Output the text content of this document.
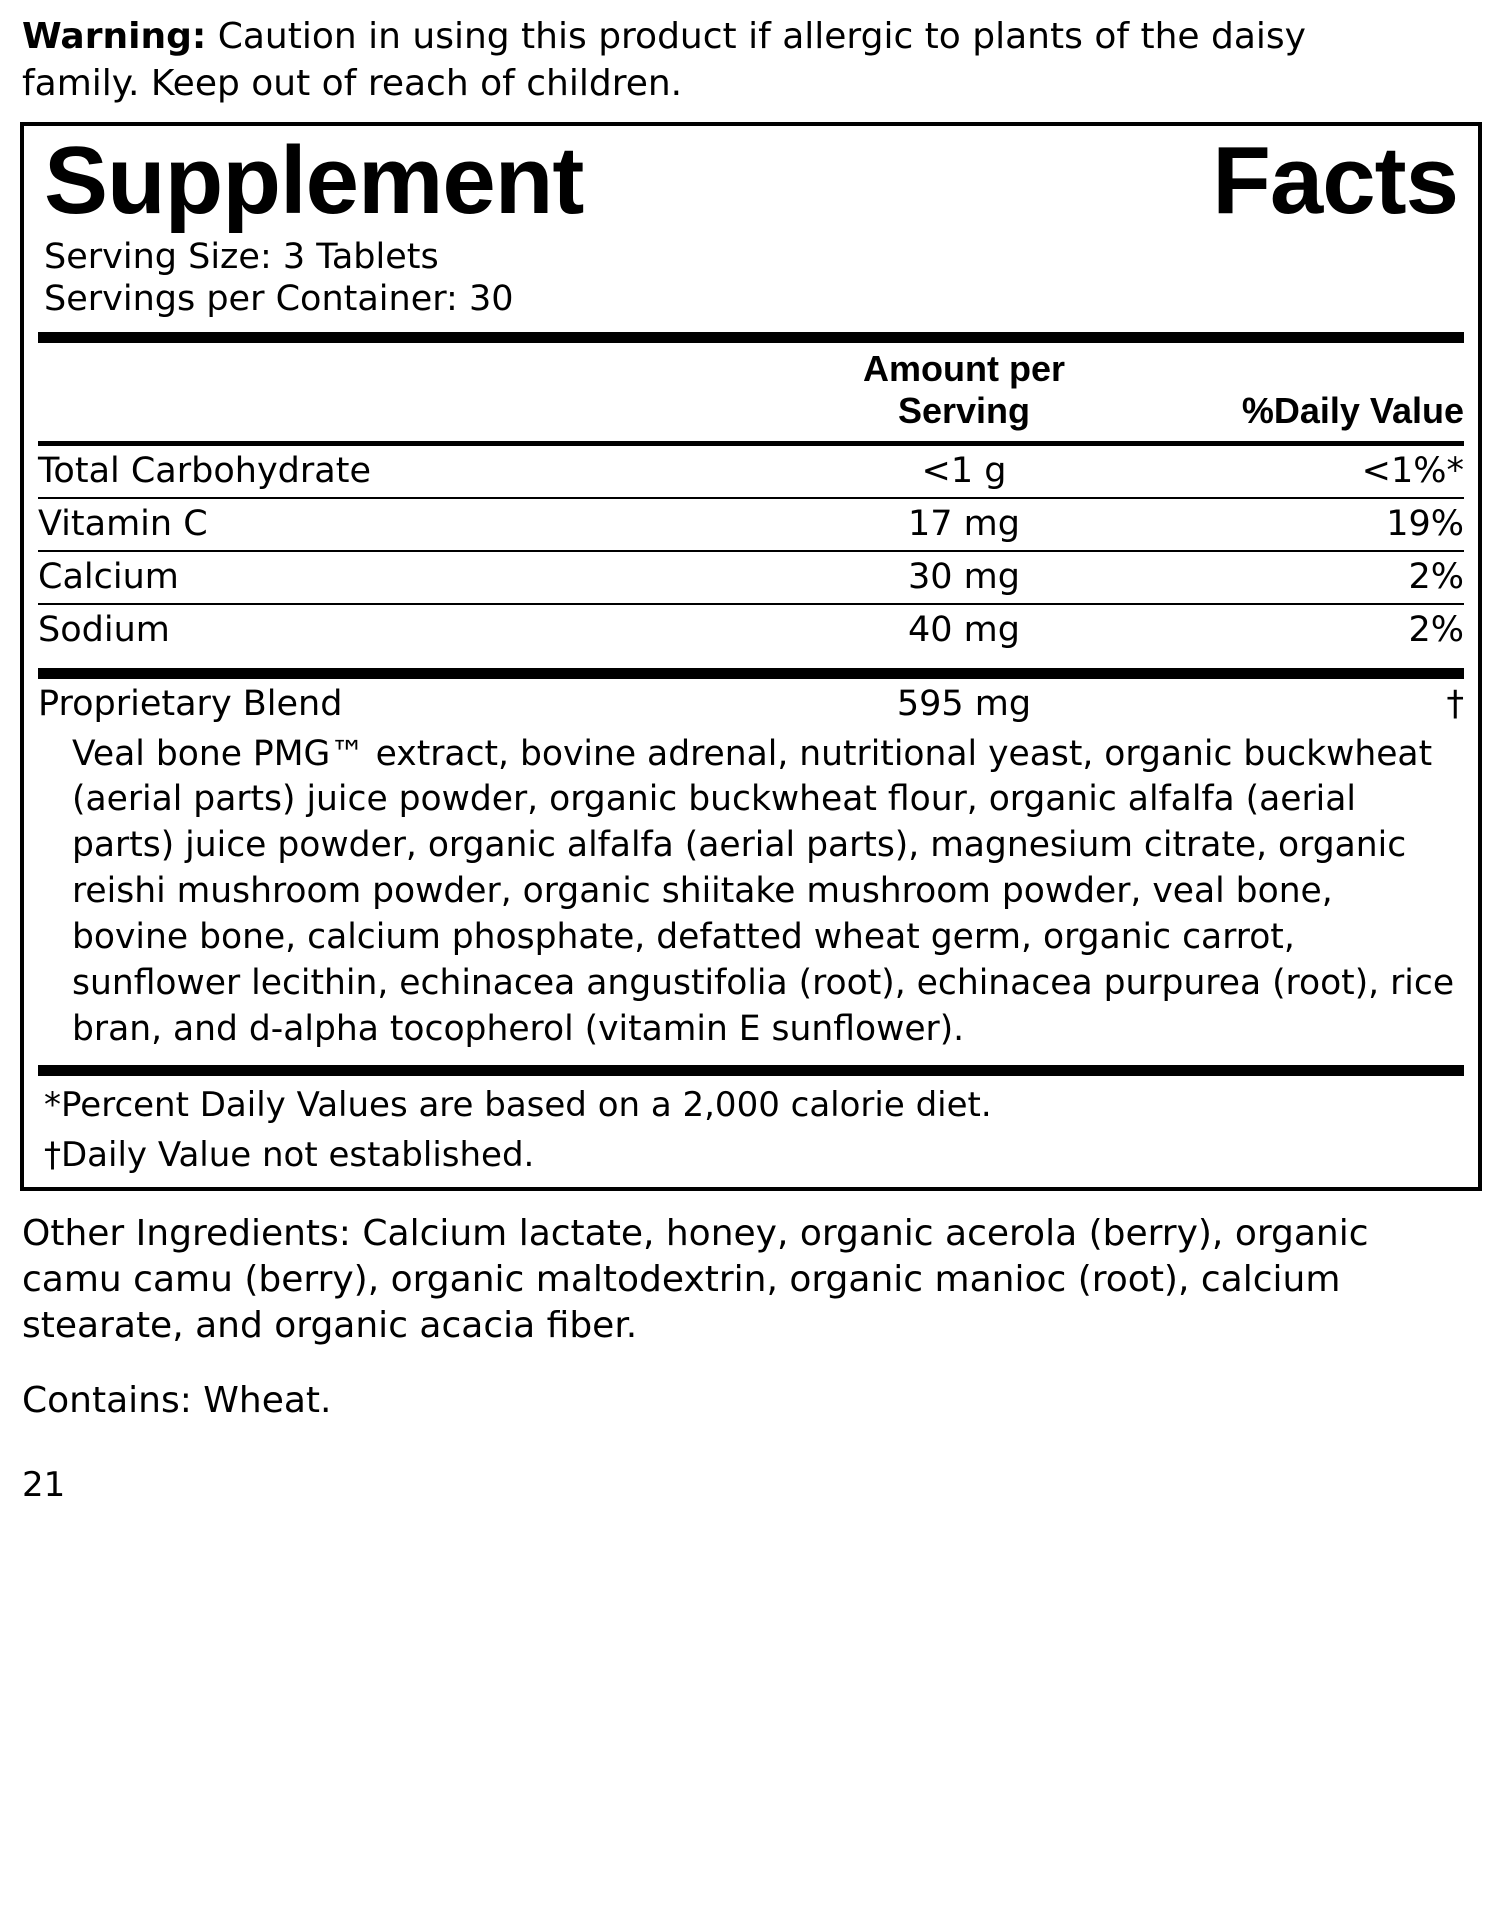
Warning: Caution in using this product if allergic to plants of the daisy family. Keep out of reach of children.

Supplement	Facts
Serving Size: 3 Tablets
Servings per Container: 30
	Amount per Serving	%Daily Value
Total Carbohydrate	<1 g	<1%*
Vitamin C	17 mg	19%
Calcium	30 mg	2%
Sodium	40 mg	2%
Proprietary Blend	595 mg	†
Veal bone PMG™ extract, bovine adrenal, nutritional yeast, organic buckwheat (aerial parts) juice powder, organic buckwheat flour, organic alfalfa (aerial parts) juice powder, organic alfalfa (aerial parts), magnesium citrate, organic reishi mushroom powder, organic shiitake mushroom powder, veal bone, bovine bone, calcium phosphate, defatted wheat germ, organic carrot, sunflower lecithin, echinacea angustifolia (root), echinacea purpurea (root), rice bran, and d-alpha tocopherol (vitamin E sunflower).
*Percent Daily Values are based on a 2,000 calorie diet.
†Daily Value not established.

Other Ingredients: Calcium lactate, honey, organic acerola (berry), organic camu camu (berry), organic maltodextrin, organic manioc (root), calcium stearate, and organic acacia fiber.

Contains: Wheat.

21
